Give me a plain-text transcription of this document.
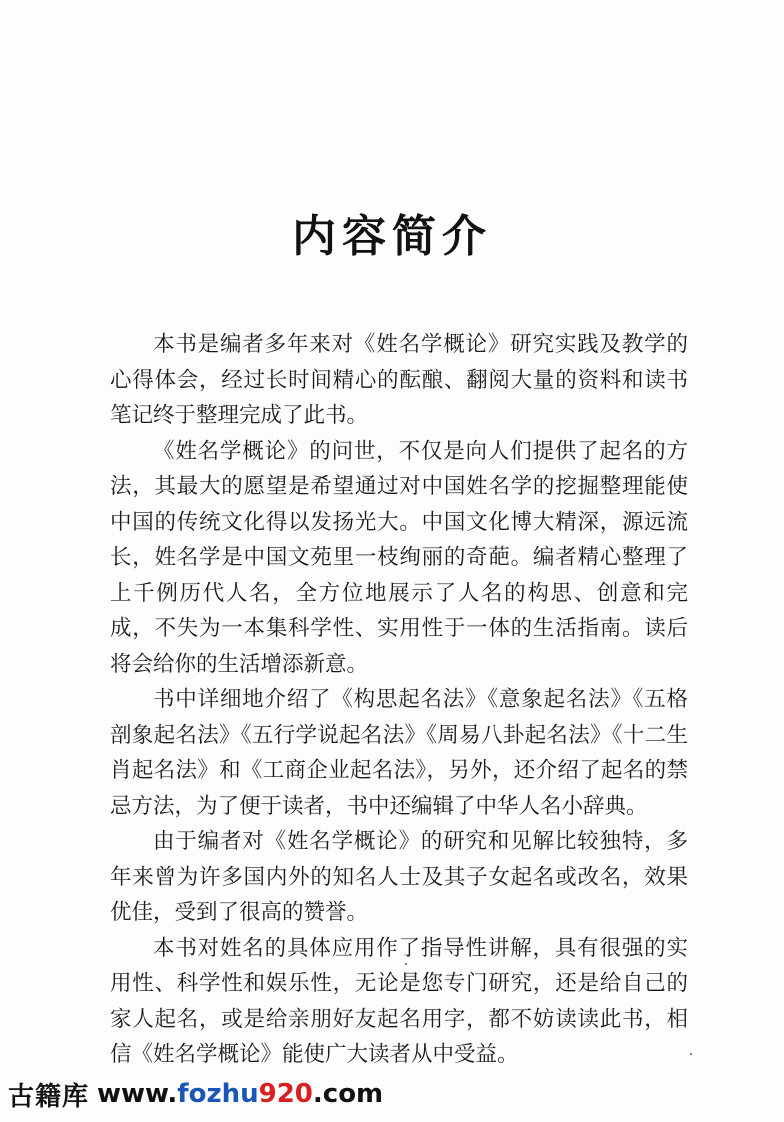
内容简介

本书是编者多年来对《姓名学概论》研究实践及教学的心得体会，经过长时间精心的酝酿、翻阅大量的资料和读书笔记终于整理完成了此书。

《姓名学概论》的问世，不仅是向人们提供了起名的方法，其最大的愿望是希望通过对中国姓名学的挖掘整理能使中国的传统文化得以发扬光大。中国文化博大精深，源远流长，姓名学是中国文苑里一枝绚丽的奇葩。编者精心整理了上千例历代人名，全方位地展示了人名的构思、创意和完成，不失为一本集科学性、实用性于一体的生活指南。读后将会给你的生活增添新意。

书中详细地介绍了《构思起名法》《意象起名法》《五格剖象起名法》《五行学说起名法》《周易八卦起名法》《十二生肖起名法》和《工商企业起名法》，另外，还介绍了起名的禁忌方法，为了便于读者，书中还编辑了中华人名小辞典。

由于编者对《姓名学概论》的研究和见解比较独特，多年来曾为许多国内外的知名人士及其子女起名或改名，效果优佳，受到了很高的赞誉。

本书对姓名的具体应用作了指导性讲解，具有很强的实用性、科学性和娱乐性，无论是您专门研究，还是给自己的家人起名，或是给亲朋好友起名用字，都不妨读读此书，相信《姓名学概论》能使广大读者从中受益。

古籍库 www. fozhu 920 .com
